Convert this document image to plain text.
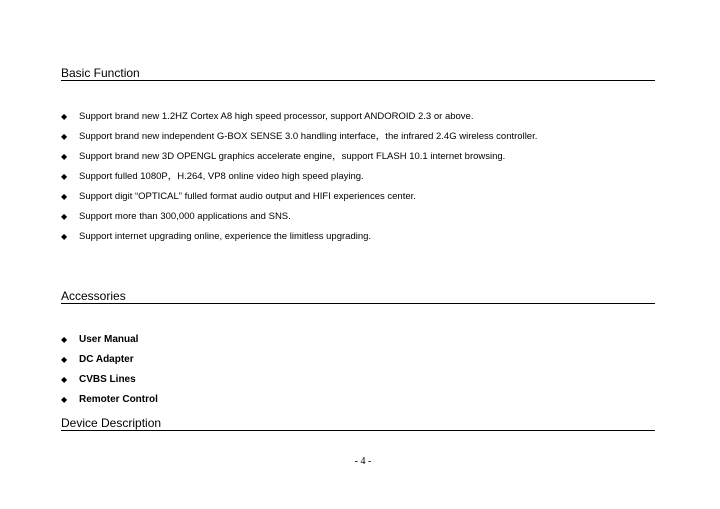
Basic Function
◆ Support brand new 1.2HZ Cortex A8 high speed processor, support ANDOROID 2.3 or above.
◆ Support brand new independent G-BOX SENSE 3.0 handling interface，the infrared 2.4G wireless controller.
◆ Support brand new 3D OPENGL graphics accelerate engine，support FLASH 10.1 internet browsing.
◆ Support fulled 1080P，H.264, VP8 online video high speed playing.
◆ Support digit “OPTICAL” fulled format audio output and HIFI experiences center.
◆ Support more than 300,000 applications and SNS.
◆ Support internet upgrading online, experience the limitless upgrading.
Accessories
◆ User Manual
◆ DC Adapter
◆ CVBS Lines
◆ Remoter Control
Device Description
- 4 -
